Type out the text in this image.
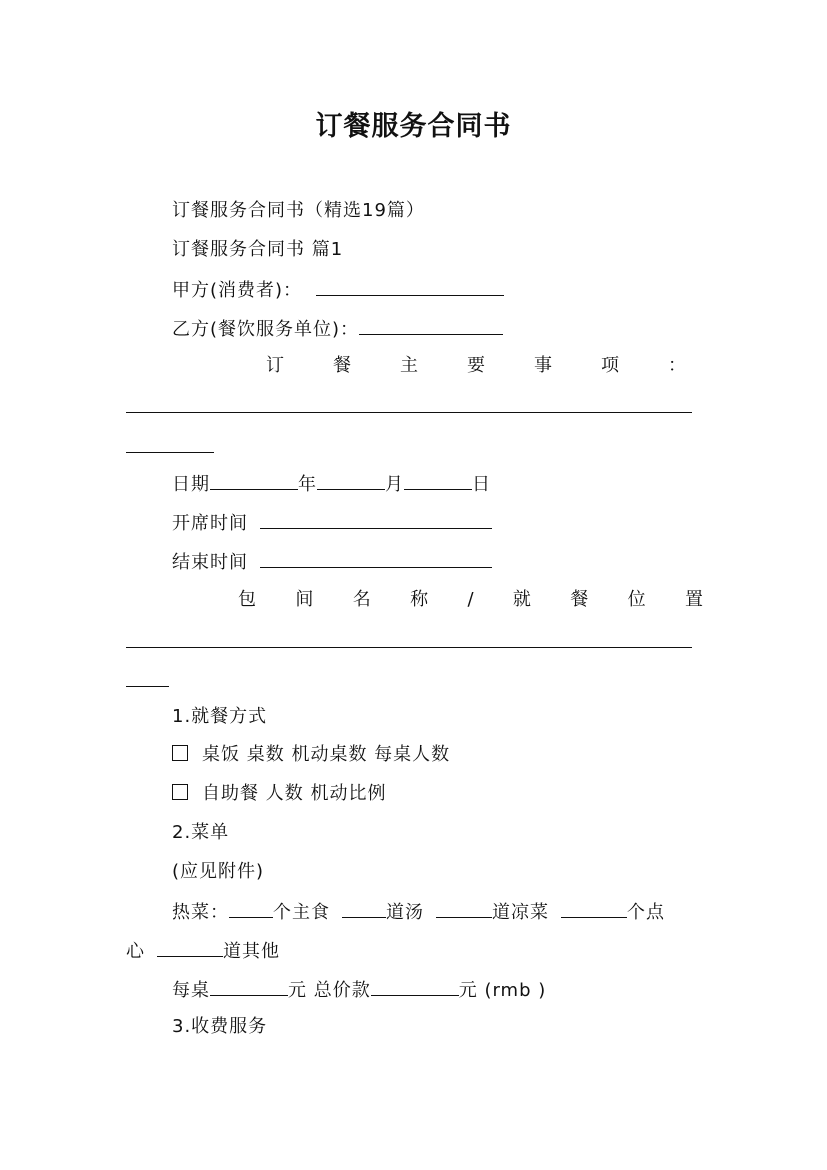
订餐服务合同书
订餐服务合同书（精选19篇）
订餐服务合同书 篇1
甲方(消费者)：
乙方(餐饮服务单位)：
订	餐	主	要	事	项	：
日期	年	月	日
开席时间
结束时间
包 间 名 称 / 就 餐 位 置
1.就餐方式
桌饭 桌数 机动桌数 每桌人数
自助餐 人数 机动比例
2.菜单
(应见附件)
热菜： 个主食	道汤	道凉菜	个点
心	道其他
每桌	元 总价款	元 (rmb )
3.收费服务
